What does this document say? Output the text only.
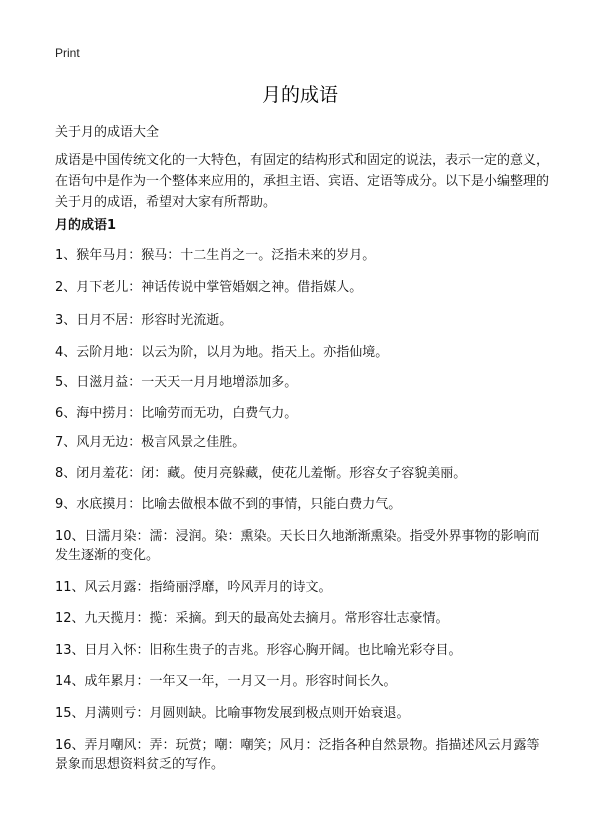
Print
月的成语

关于月的成语大全

成语是中国传统文化的一大特色，有固定的结构形式和固定的说法，表示一定的意义，在语句中是作为一个整体来应用的，承担主语、宾语、定语等成分。以下是小编整理的关于月的成语，希望对大家有所帮助。

月的成语1
1、猴年马月：猴马：十二生肖之一。泛指未来的岁月。
2、月下老儿：神话传说中掌管婚姻之神。借指媒人。
3、日月不居：形容时光流逝。
4、云阶月地：以云为阶，以月为地。指天上。亦指仙境。
5、日滋月益：一天天一月月地增添加多。
6、海中捞月：比喻劳而无功，白费气力。
7、风月无边：极言风景之佳胜。
8、闭月羞花：闭：藏。使月亮躲藏，使花儿羞惭。形容女子容貌美丽。
9、水底摸月：比喻去做根本做不到的事情，只能白费力气。
10、日濡月染：濡：浸润。染：熏染。天长日久地渐渐熏染。指受外界事物的影响而发生逐渐的变化。
11、风云月露：指绮丽浮靡，吟风弄月的诗文。
12、九天揽月：揽：采摘。到天的最高处去摘月。常形容壮志豪情。
13、日月入怀：旧称生贵子的吉兆。形容心胸开阔。也比喻光彩夺目。
14、成年累月：一年又一年，一月又一月。形容时间长久。
15、月满则亏：月圆则缺。比喻事物发展到极点则开始衰退。
16、弄月嘲风：弄：玩赏；嘲：嘲笑；风月：泛指各种自然景物。指描述风云月露等景象而思想资料贫乏的写作。
